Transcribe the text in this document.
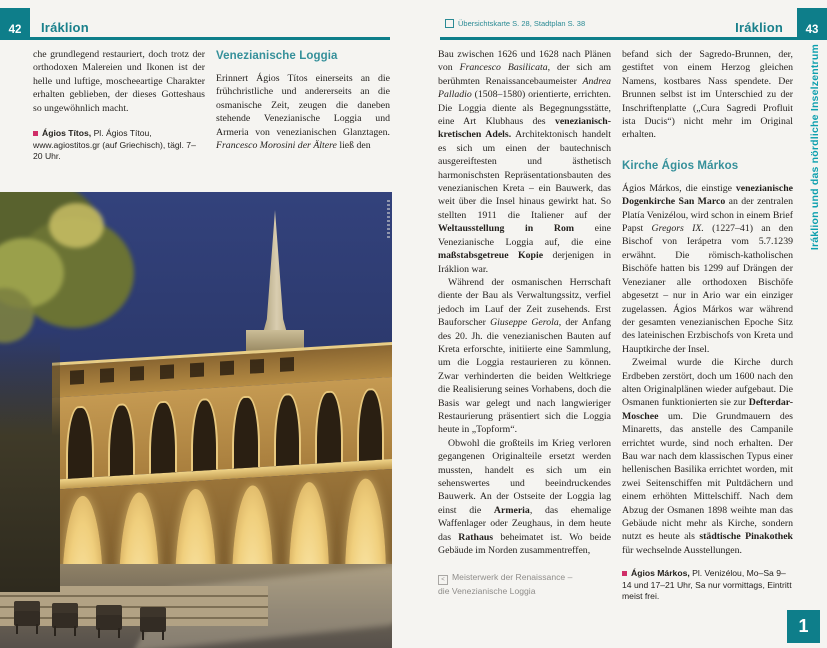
42 Iráklion

che grundlegend restauriert, doch trotz der orthodoxen Malereien und Ikonen ist der helle und luftige, moscheeartige Charakter erhalten geblieben, der dieses Gotteshaus so ungewöhnlich macht.

Ágios Títos, Pl. Ágios Títou, www.agiostitos.gr (auf Griechisch), tägl. 7–20 Uhr.
Venezianische Loggia

Erinnert Ágios Títos einerseits an die frühchristliche und andererseits an die osmanische Zeit, zeugen die daneben stehende Venezianische Loggia und Armeria von venezianischen Glanztagen. Francesco Morosini der Ältere ließ den

Übersichtskarte S. 28, Stadtplan S. 38	Iráklion 43

Bau zwischen 1626 und 1628 nach Plänen von Francesco Basilicata, der sich am berühmten Renaissancebaumeister Andrea Palladio (1508–1580) orientierte, errichten. Die Loggia diente als Begegnungsstätte, eine Art Klubhaus des venezianisch-kretischen Adels. Architektonisch handelt es sich um einen der bautechnisch ausgereiftesten und ästhetisch harmonischsten Repräsentationsbauten des venezianischen Kreta – ein Bauwerk, das weit über die Insel hinaus gewirkt hat. So stellten 1911 die Italiener auf der Weltausstellung in Rom eine Venezianische Loggia auf, die eine maßstabsgetreue Kopie derjenigen in Iráklion war.

Während der osmanischen Herrschaft diente der Bau als Verwaltungssitz, verfiel jedoch im Lauf der Zeit zusehends. Erst Bauforscher Giuseppe Gerola, der Anfang des 20. Jh. die venezianischen Bauten auf Kreta erforschte, initiierte eine Sammlung, um die Loggia restaurieren zu können. Zwar verhinderten die beiden Weltkriege die Realisierung seines Vorhabens, doch die Basis war gelegt und nach langwieriger Restaurierung präsentiert sich die Loggia heute in „Topform“.

Obwohl die großteils im Krieg verloren gegangenen Originalteile ersetzt werden mussten, handelt es sich um ein sehenswertes und beeindruckendes Bauwerk. An der Ostseite der Loggia lag einst die Armeria, das ehemalige Waffenlager oder Zeughaus, in dem heute das Rathaus beheimatet ist. Wo beide Gebäude im Norden zusammentreffen,

< Meisterwerk der Renaissance –
die Venezianische Loggia

befand sich der Sagredo-Brunnen, der, gestiftet von einem Herzog gleichen Namens, kostbares Nass spendete. Der Brunnen selbst ist im Unterschied zu der Inschriftenplatte („Cura Sagredi Profluit ista Ducis“) nicht mehr im Original erhalten.

Kirche Ágios Márkos

Ágios Márkos, die einstige venezianische Dogenkirche San Marco an der zentralen Platía Venizélou, wird schon in einem Brief Papst Gregors IX. (1227–41) an den Bischof von Ierápetra vom 5.7.1239 erwähnt. Die römisch-katholischen Bischöfe hatten bis 1299 auf Drängen der Venezianer alle orthodoxen Bischöfe abgesetzt – nur in Ario war ein einziger zugelassen. Ágios Márkos war während der gesamten venezianischen Epoche Sitz des lateinischen Erzbischofs von Kreta und Hauptkirche der Insel.

Zweimal wurde die Kirche durch Erdbeben zerstört, doch um 1600 nach den alten Originalplänen wieder aufgebaut. Die Osmanen funktionierten sie zur Defterdar-Moschee um. Die Grundmauern des Minaretts, das anstelle des Campanile errichtet wurde, sind noch erhalten. Der Bau war nach dem klassischen Typus einer hellenischen Basilika errichtet worden, mit zwei Seitenschiffen mit Pultdächern und einem erhöhten Mittelschiff. Nach dem Abzug der Osmanen 1898 weihte man das Gebäude nicht mehr als Kirche, sondern nutzt es heute als städtische Pinakothek für wechselnde Ausstellungen.

Ágios Márkos, Pl. Venizélou, Mo–Sa 9–14 und 17–21 Uhr, Sa nur vormittags, Eintritt meist frei.
Iráklion und das nördliche Inselzentrum
1
